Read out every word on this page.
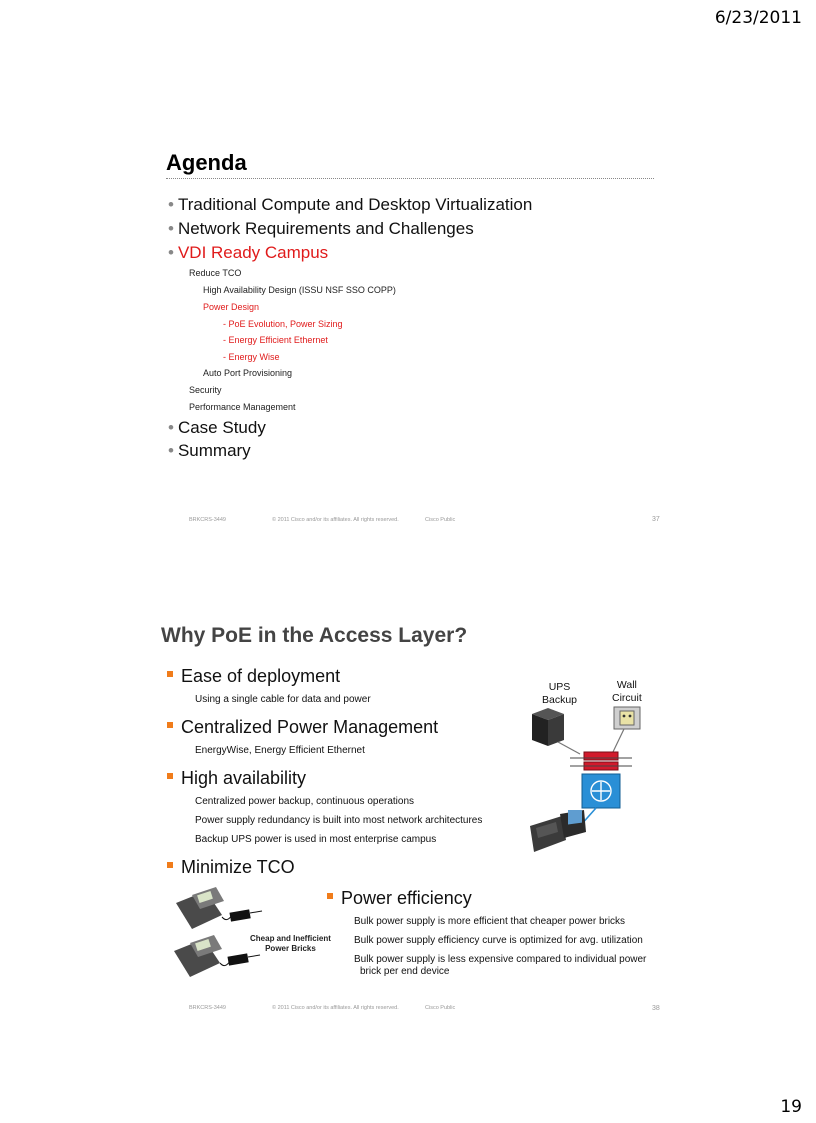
6/23/2011
19
Agenda
• Traditional Compute and Desktop Virtualization
• Network Requirements and Challenges
• VDI Ready Campus
Reduce TCO
High Availability Design (ISSU NSF SSO COPP)
Power Design
- PoE Evolution, Power Sizing
- Energy Efficient Ethernet
- Energy Wise
Auto Port Provisioning
Security
Performance Management
• Case Study
• Summary
BRKCRS-3449	© 2011 Cisco and/or its affiliates. All rights reserved.	Cisco Public	37
Why PoE in the Access Layer?
Ease of deployment
Using a single cable for data and power
Centralized Power Management
EnergyWise, Energy Efficient Ethernet
High availability
Centralized power backup, continuous operations
Power supply redundancy is built into most network architectures
Backup UPS power is used in most enterprise campus
Minimize TCO
Power efficiency
Bulk power supply is more efficient that cheaper power bricks
Bulk power supply efficiency curve is optimized for avg. utilization
Bulk power supply is less expensive compared to individual power
brick per end device
UPS
Backup
Wall
Circuit
Cheap and Inefficient
Power Bricks
BRKCRS-3449	© 2011 Cisco and/or its affiliates. All rights reserved.	Cisco Public	38
